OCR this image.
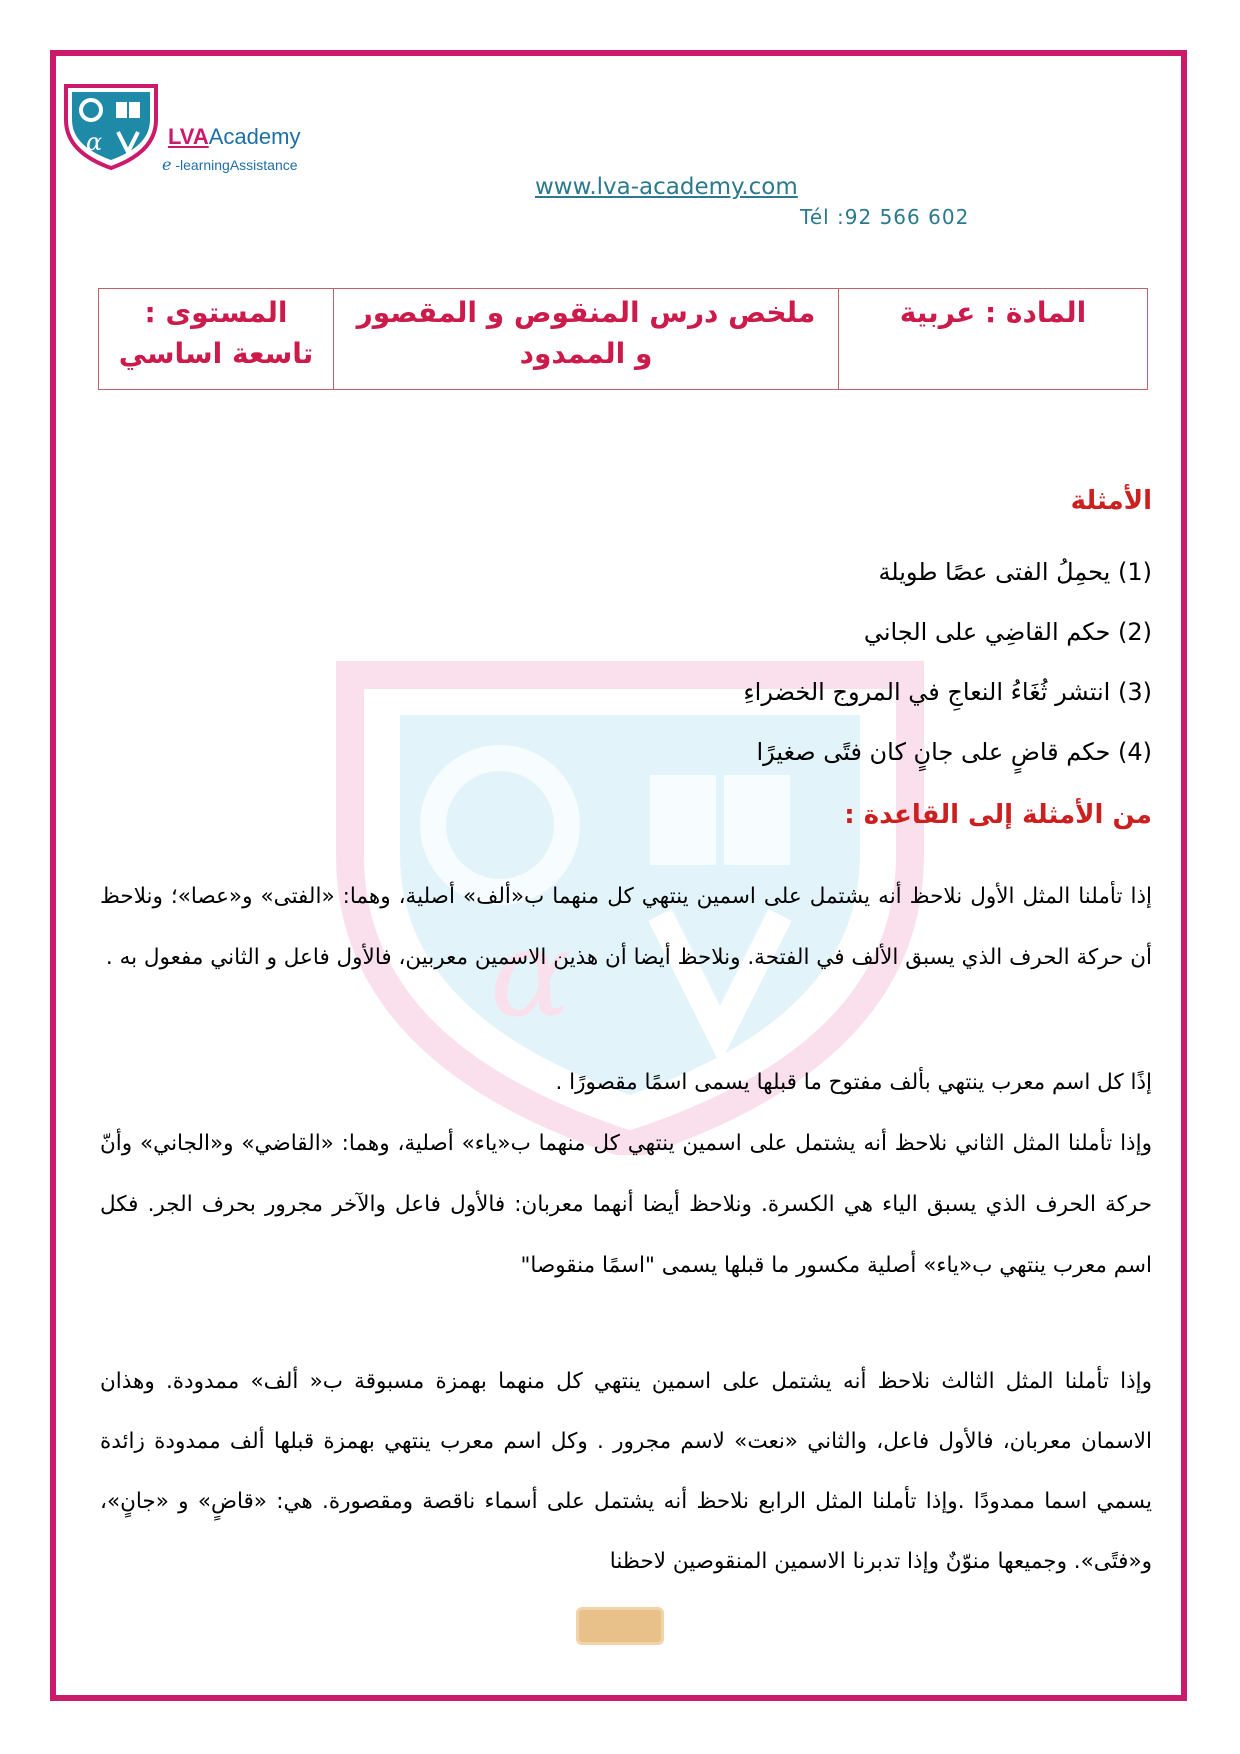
α	LVAAcademy
e -learningAssistance
www.lva-academy.com
Tél :92 566 602
المادة : عربية	ملخص درس المنقوص و المقصور و الممدود	المستوى : تاسعة اساسي
α
الأمثلة
(1) يحمِلُ الفتى عصًا طويلة
(2) حكم القاضِي على الجاني
(3) انتشر ثُغَاءُ النعاجِ في المروج الخضراءِ
(4) حكم قاضٍ على جانٍ كان فتًى صغيرًا
من الأمثلة إلى القاعدة :
إذا تأملنا المثل الأول نلاحظ أنه يشتمل على اسمين ينتهي كل منهما ب«ألف» أصلية، وهما: «الفتى» و«عصا»؛ ونلاحظ أن حركة الحرف الذي يسبق الألف في الفتحة. ونلاحظ أيضا أن هذين الاسمين معربين، فالأول فاعل و الثاني مفعول به .
إذًا كل اسم معرب ينتهي بألف مفتوح ما قبلها يسمى اسمًا مقصورًا .
وإذا تأملنا المثل الثاني نلاحظ أنه يشتمل على اسمين ينتهي كل منهما ب«ياء» أصلية، وهما: «القاضي» و«الجاني» وأنّ حركة الحرف الذي يسبق الياء هي الكسرة. ونلاحظ أيضا أنهما معربان: فالأول فاعل والآخر مجرور بحرف الجر. فكل اسم معرب ينتهي ب«ياء» أصلية مكسور ما قبلها يسمى "اسمًا منقوصا"
وإذا تأملنا المثل الثالث نلاحظ أنه يشتمل على اسمين ينتهي كل منهما بهمزة مسبوقة ب« ألف» ممدودة. وهذان الاسمان معربان، فالأول فاعل، والثاني «نعت» لاسم مجرور . وكل اسم معرب ينتهي بهمزة قبلها ألف ممدودة زائدة يسمي اسما ممدودًا .وإذا تأملنا المثل الرابع نلاحظ أنه يشتمل على أسماء ناقصة ومقصورة. هي: «قاضٍ» و «جانٍ»، و«فتًى». وجميعها منوّنٌ وإذا تدبرنا الاسمين المنقوصين لاحظنا
